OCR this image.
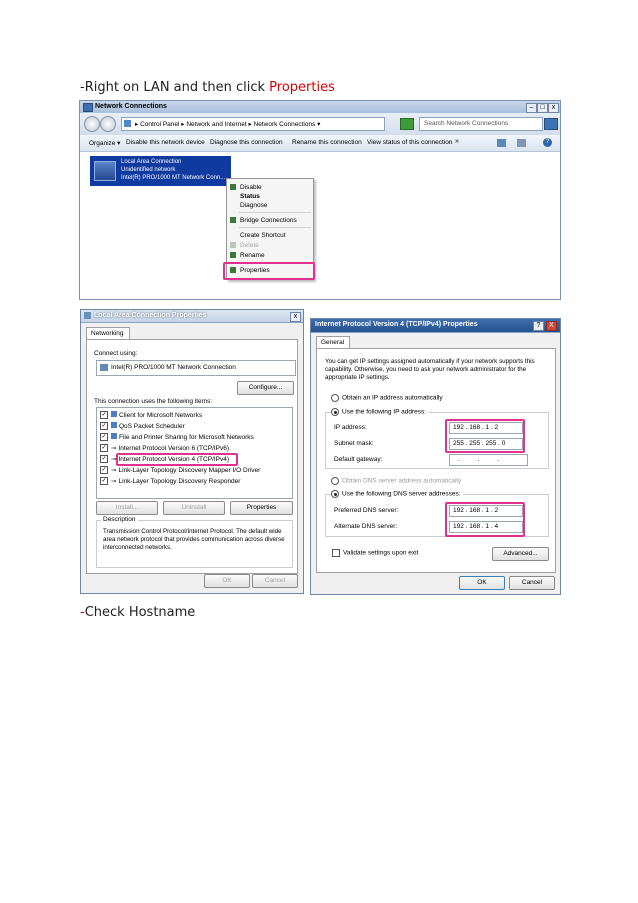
-Right on LAN and then click Properties
Network Connections	– □	x
▸ Control Panel ▸ Network and Internet ▸ Network Connections ▾	Search Network Connections
Organize ▾ Disable this network device Diagnose this connection Rename this connection View status of this connection »	?
Local Area Connection
Unidentified network
Intel(R) PRO/1000 MT Network Conn...
Disable
Status
Diagnose
Bridge Connections
Create Shortcut
Delete
Rename
Properties
Local Area Connection Properties	x
Networking
Connect using:
Intel(R) PRO/1000 MT Network Connection
Configure...
This connection uses the following items:
✓ Client for Microsoft Networks
✓ QoS Packet Scheduler
✓ File and Printer Sharing for Microsoft Networks
✓ ⊸ Internet Protocol Version 6 (TCP/IPv6)
✓ ⊸ Internet Protocol Version 4 (TCP/IPv4)
✓ ⊸ Link-Layer Topology Discovery Mapper I/O Driver
✓ ⊸ Link-Layer Topology Discovery Responder
Install...	Uninstall	Properties
Description
Transmission Control Protocol/Internet Protocol. The default wide area network protocol that provides communication across diverse interconnected networks.
OK	Cancel
Internet Protocol Version 4 (TCP/IPv4) Properties	?	X
General
You can get IP settings assigned automatically if your network supports this capability. Otherwise, you need to ask your network administrator for the appropriate IP settings.
Obtain an IP address automatically
Use the following IP address:
IP address:	192 . 168 . 1 . 2
Subnet mask:	255 . 255 . 255 . 0
Default gateway:	. . .
Obtain DNS server address automatically
Use the following DNS server addresses:
Preferred DNS server:	192 . 168 . 1 . 2
Alternate DNS server:	192 . 168 . 1 . 4
Validate settings upon exit	Advanced...
OK	Cancel
-Check Hostname
